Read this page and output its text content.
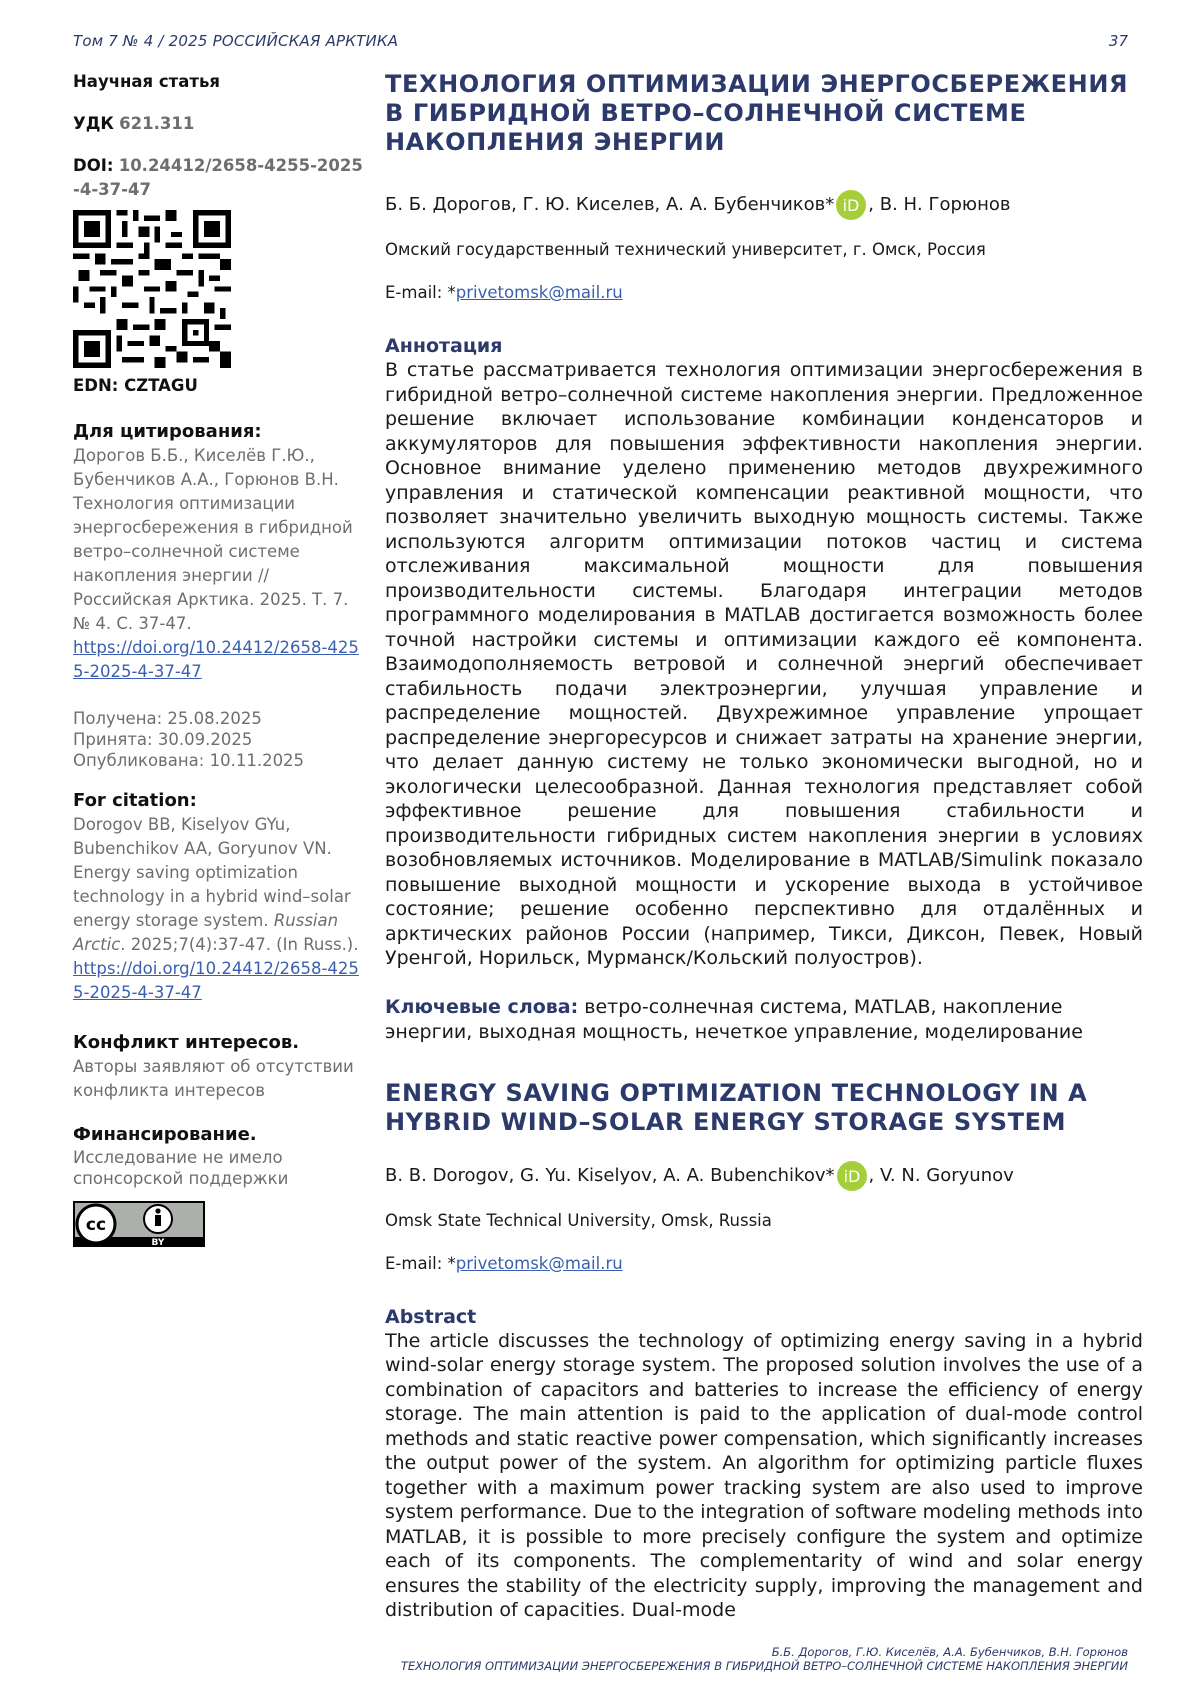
Том 7 № 4 / 2025 РОССИЙСКАЯ АРКТИКА	37
Научная статья
УДК 621.311
DOI: 10.24412/2658-4255-2025-4-37-47
EDN: CZTAGU
Для цитирования:
Дорогов Б.Б., Киселёв Г.Ю., Бубенчиков А.А., Горюнов В.Н. Технология оптимизации энергосбережения в гибридной ветро–солнечной системе накопления энергии // Российская Арктика. 2025. Т. 7. № 4. С. 37-47.
https://doi.org/10.24412/2658-4255-2025-4-37-47
Получена: 25.08.2025
Принята: 30.09.2025
Опубликована: 10.11.2025
For citation:
Dorogov BB, Kiselyov GYu, Bubenchikov AA, Goryunov VN. Energy saving optimization technology in a hybrid wind–solar energy storage system. Russian Arctic. 2025;7(4):37-47. (In Russ.).
https://doi.org/10.24412/2658-4255-2025-4-37-47
Конфликт интересов.
Авторы заявляют об отсутствии конфликта интересов
Финансирование.
Исследование не имело спонсорской поддержки
cc
BY
ТЕХНОЛОГИЯ ОПТИМИЗАЦИИ ЭНЕРГОСБЕРЕЖЕНИЯ В ГИБРИДНОЙ ВЕТРО–СОЛНЕЧНОЙ СИСТЕМЕ НАКОПЛЕНИЯ ЭНЕРГИИ
Б. Б. Дорогов, Г. Ю. Киселев, А. А. Бубенчиков* iD , В. Н. Горюнов
Омский государственный технический университет, г. Омск, Россия
E-mail: *privetomsk@mail.ru
Аннотация

В статье рассматривается технология оптимизации энергосбережения в гибридной ветро–солнечной системе накопления энергии. Предложенное решение включает использование комбинации конденсаторов и аккумуляторов для повышения эффективности накопления энергии. Основное внимание уделено применению методов двухрежимного управления и статической компенсации реактивной мощности, что позволяет значительно увеличить выходную мощность системы. Также используются алгоритм оптимизации потоков частиц и система отслеживания максимальной мощности для повышения производительности системы. Благодаря интеграции методов программного моделирования в MATLAB достигается возможность более точной настройки системы и оптимизации каждого её компонента. Взаимодополняемость ветровой и солнечной энергий обеспечивает стабильность подачи электроэнергии, улучшая управление и распределение мощностей. Двухрежимное управление упрощает распределение энергоресурсов и снижает затраты на хранение энергии, что делает данную систему не только экономически выгодной, но и экологически целесообразной. Данная технология представляет собой эффективное решение для повышения стабильности и производительности гибридных систем накопления энергии в условиях возобновляемых источников. Моделирование в MATLAB/Simulink показало повышение выходной мощности и ускорение выхода в устойчивое состояние; решение особенно перспективно для отдалённых и арктических районов России (например, Тикси, Диксон, Певек, Новый Уренгой, Норильск, Мурманск/Кольский полуостров).

Ключевые слова: ветро-солнечная система, MATLAB, накопление энергии, выходная мощность, нечеткое управление, моделирование
ENERGY SAVING OPTIMIZATION TECHNOLOGY IN A HYBRID WIND–SOLAR ENERGY STORAGE SYSTEM
B. B. Dorogov, G. Yu. Kiselyov, A. A. Bubenchikov* iD , V. N. Goryunov
Omsk State Technical University, Omsk, Russia
E-mail: *privetomsk@mail.ru
Abstract

The article discusses the technology of optimizing energy saving in a hybrid wind-solar energy storage system. The proposed solution involves the use of a combination of capacitors and batteries to increase the efficiency of energy storage. The main attention is paid to the application of dual-mode control methods and static reactive power compensation, which significantly increases the output power of the system. An algorithm for optimizing particle fluxes together with a maximum power tracking system are also used to improve system performance. Due to the integration of software modeling methods into MATLAB, it is possible to more precisely configure the system and optimize each of its components. The complementarity of wind and solar energy ensures the stability of the electricity supply, improving the management and distribution of capacities. Dual-mode

Б.Б. Дорогов, Г.Ю. Киселёв, А.А. Бубенчиков, В.Н. Горюнов
ТЕХНОЛОГИЯ ОПТИМИЗАЦИИ ЭНЕРГОСБЕРЕЖЕНИЯ В ГИБРИДНОЙ ВЕТРО–СОЛНЕЧНОЙ СИСТЕМЕ НАКОПЛЕНИЯ ЭНЕРГИИ
